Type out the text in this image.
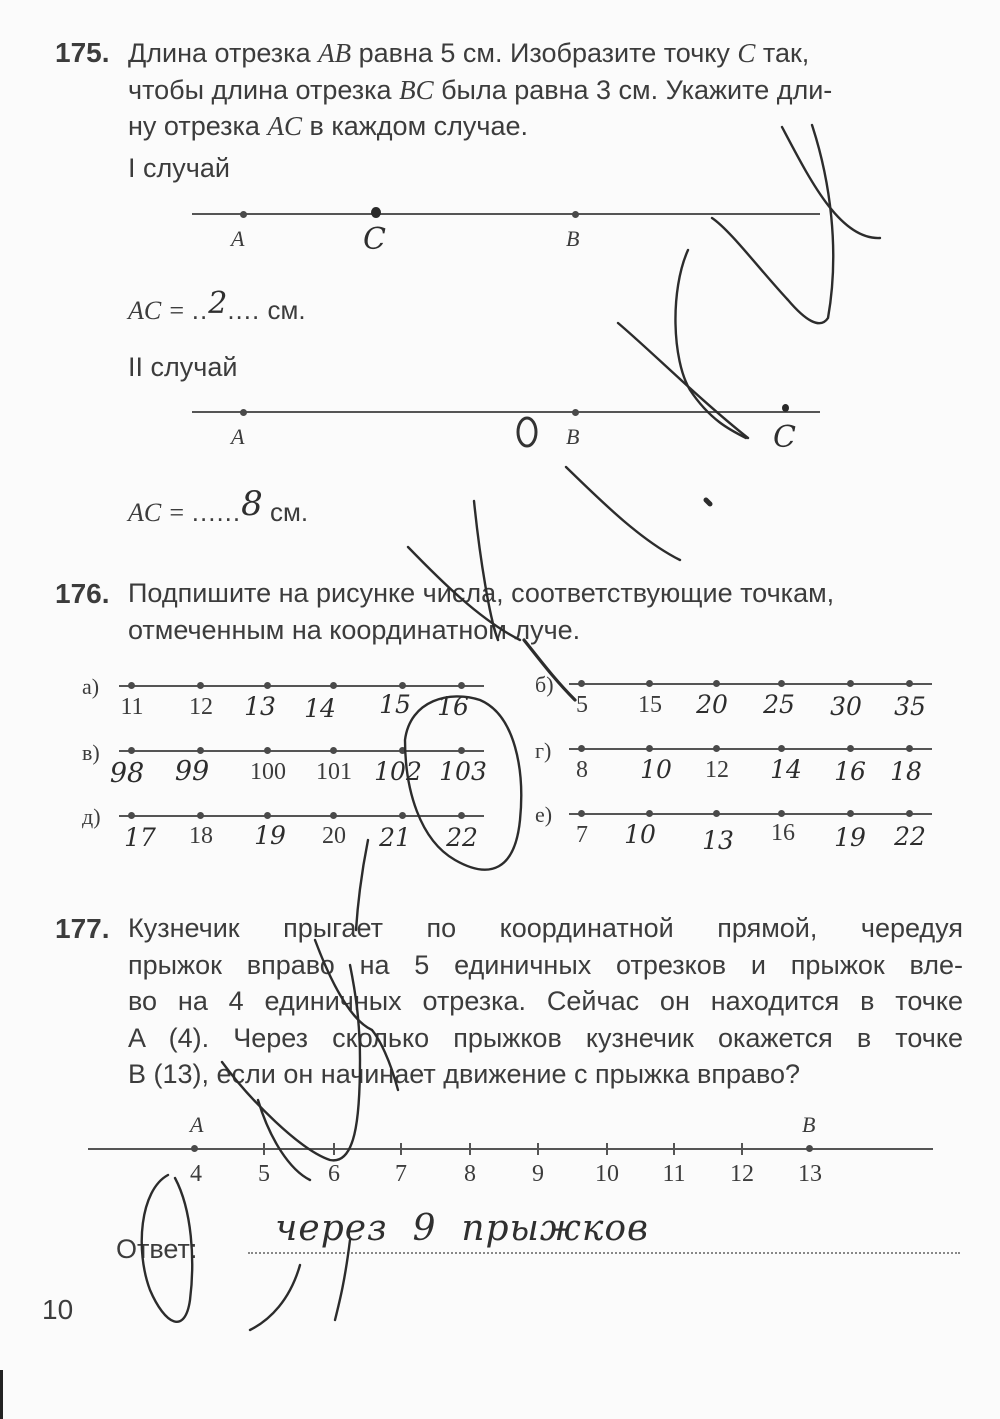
10
175. Длина отрезка AB равна 5 см. Изобразите точку C так,
чтобы длина отрезка BC была равна 3 см. Укажите дли-
ну отрезка AC в каждом случае.
I случай
A	C	B
AC = ..2.... см.
II случай
A	B	C
AC = ......8 см.
176. Подпишите на рисунке числа, соответствующие точкам,
отмеченным на координатном луче.
а)
11 12 13 14 15 16
б)
5 15 20 25 30 35
в)
98 99 100 101 102 103
г)
8 10 12 14 16 18
д)
17 18 19 20 21 22
е)
7 10 13 16 19 22
177. Кузнечик прыгает по координатной прямой, чередуя
прыжок вправо на 5 единичных отрезков и прыжок вле-
во на 4 единичных отрезка. Сейчас он находится в точке
A (4). Через сколько прыжков кузнечик окажется в точке
B (13), если он начинает движение с прыжка вправо?
A	B
4 5 6 7 8 9 10 11 12 13
Ответ: через  9  прыжков
